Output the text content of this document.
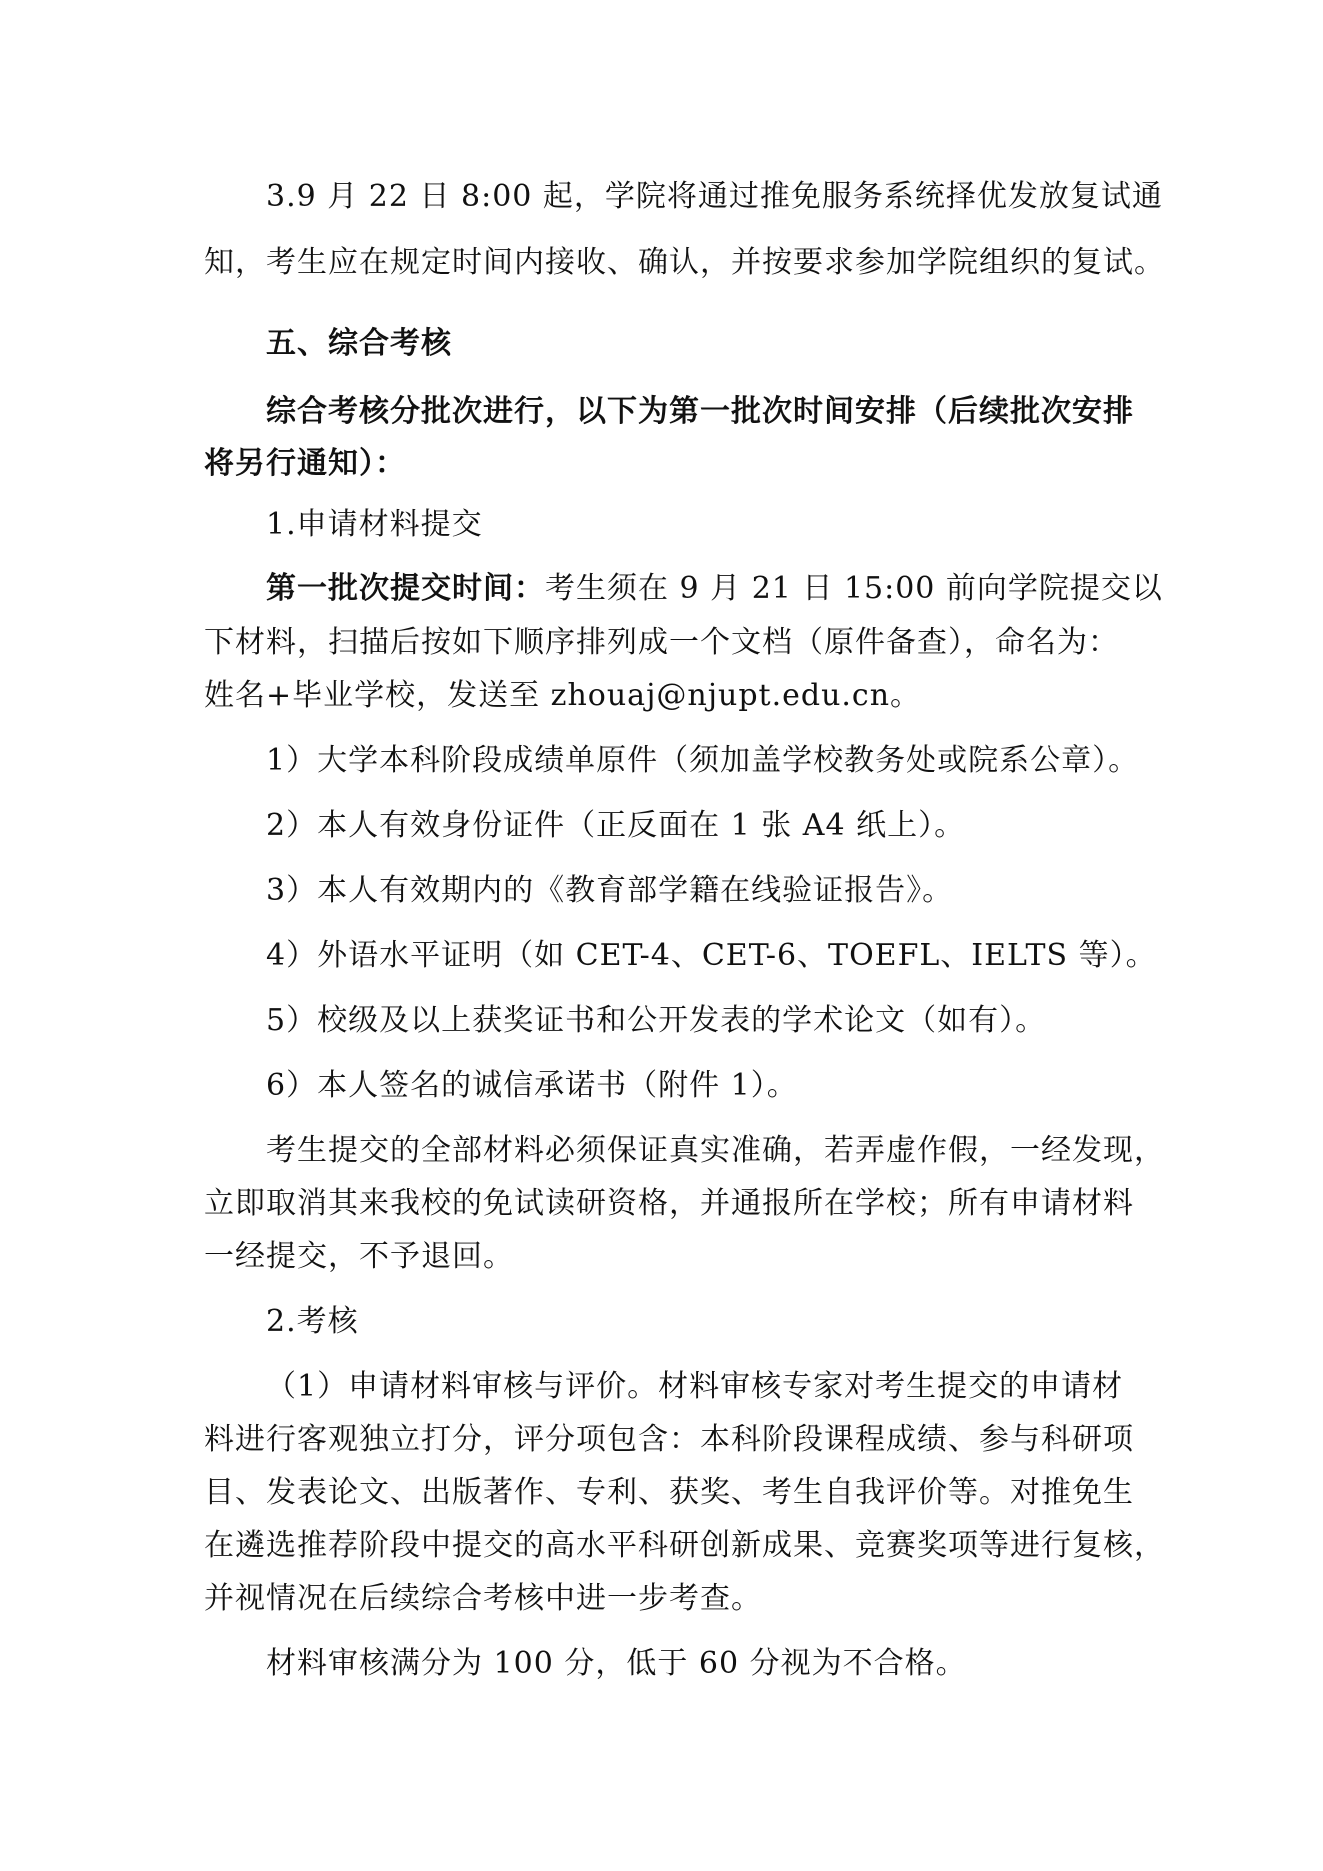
3.9 月 22 日 8:00 起，学院将通过推免服务系统择优发放复试通
知，考生应在规定时间内接收、确认，并按要求参加学院组织的复试。
五、综合考核
综合考核分批次进行，以下为第一批次时间安排（后续批次安排
将另行通知）：
1.申请材料提交
第一批次提交时间：考生须在 9 月 21 日 15:00 前向学院提交以
下材料，扫描后按如下顺序排列成一个文档（原件备查），命名为：
姓名+毕业学校，发送至 zhouaj@njupt.edu.cn。
1）大学本科阶段成绩单原件（须加盖学校教务处或院系公章）。
2）本人有效身份证件（正反面在 1 张 A4 纸上）。
3）本人有效期内的《教育部学籍在线验证报告》。
4）外语水平证明（如 CET-4、CET-6、TOEFL、IELTS 等）。
5）校级及以上获奖证书和公开发表的学术论文（如有）。
6）本人签名的诚信承诺书（附件 1）。
考生提交的全部材料必须保证真实准确，若弄虚作假，一经发现，
立即取消其来我校的免试读研资格，并通报所在学校；所有申请材料
一经提交，不予退回。
2.考核
（1）申请材料审核与评价。材料审核专家对考生提交的申请材
料进行客观独立打分，评分项包含：本科阶段课程成绩、参与科研项
目、发表论文、出版著作、专利、获奖、考生自我评价等。对推免生
在遴选推荐阶段中提交的高水平科研创新成果、竞赛奖项等进行复核，
并视情况在后续综合考核中进一步考查。
材料审核满分为 100 分，低于 60 分视为不合格。
